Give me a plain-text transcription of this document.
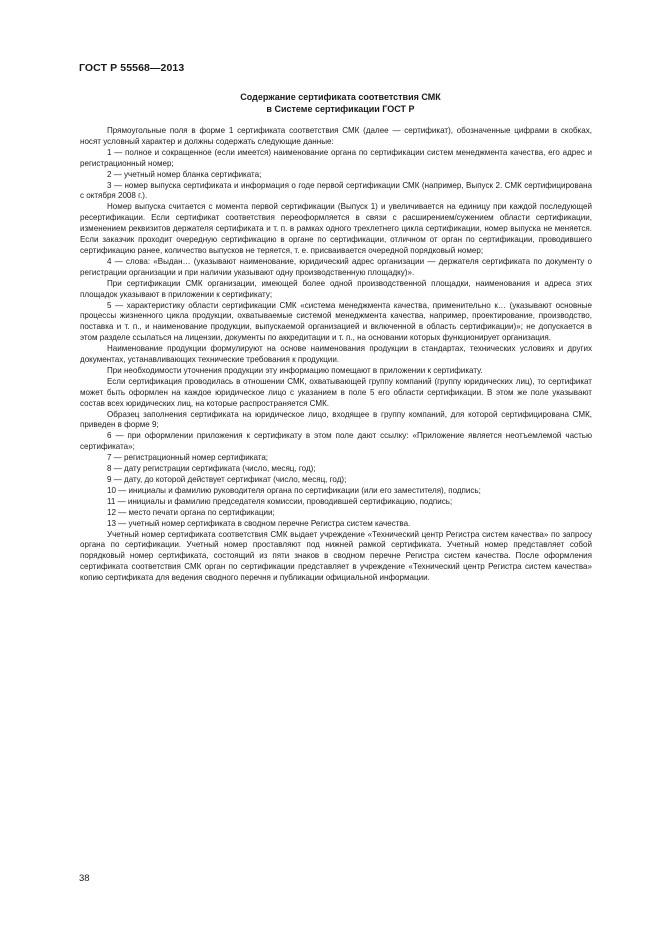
ГОСТ Р 55568—2013
Содержание сертификата соответствия СМК
в Системе сертификации ГОСТ Р

Прямоугольные поля в форме 1 сертификата соответствия СМК (далее — сертификат), обозначенные цифрами в скобках, носят условный характер и должны содержать следующие данные:

1 — полное и сокращенное (если имеется) наименование органа по сертификации систем менеджмента качества, его адрес и регистрационный номер;

2 — учетный номер бланка сертификата;

3 — номер выпуска сертификата и информация о годе первой сертификации СМК (например, Выпуск 2. СМК сертифицирована с октября 2008 г.).

Номер выпуска считается с момента первой сертификации (Выпуск 1) и увеличивается на единицу при каждой последующей ресертификации. Если сертификат соответствия переоформляется в связи с расширением/сужением области сертификации, изменением реквизитов держателя сертификата и т. п. в рамках одного трехлетнего цикла сертификации, номер выпуска не меняется. Если заказчик проходит очередную сертификацию в органе по сертификации, отличном от орган по сертификации, проводившего сертификацию ранее, количество выпусков не теряется, т. е. присваивается очередной порядковый номер;

4 — слова: «Выдан… (указывают наименование, юридический адрес организации — держателя сертификата по документу о регистрации организации и при наличии указывают одну производственную площадку)».

При сертификации СМК организации, имеющей более одной производственной площадки, наименования и адреса этих площадок указывают в приложении к сертификату;

5 — характеристику области сертификации СМК «система менеджмента качества, применительно к… (указывают основные процессы жизненного цикла продукции, охватываемые системой менеджмента качества, например, проектирование, производство, поставка и т. п., и наименование продукции, выпускаемой организацией и включенной в область сертификации)»; не допускается в этом разделе ссылаться на лицензии, документы по аккредитации и т. п., на основании которых функционирует организация.

Наименование продукции формулируют на основе наименования продукции в стандартах, технических условиях и других документах, устанавливающих технические требования к продукции.

При необходимости уточнения продукции эту информацию помещают в приложении к сертификату.

Если сертификация проводилась в отношении СМК, охватывающей группу компаний (группу юридических лиц), то сертификат может быть оформлен на каждое юридическое лицо с указанием в поле 5 его области сертификации. В этом же поле указывают состав всех юридических лиц, на которые распространяется СМК.

Образец заполнения сертификата на юридическое лицо, входящее в группу компаний, для которой сертифицирована СМК, приведен в форме 9;

6 — при оформлении приложения к сертификату в этом поле дают ссылку: «Приложение является неотъемлемой частью сертификата»;

7 — регистрационный номер сертификата;

8 — дату регистрации сертификата (число, месяц, год);

9 — дату, до которой действует сертификат (число, месяц, год);

10 — инициалы и фамилию руководителя органа по сертификации (или его заместителя), подпись;

11 — инициалы и фамилию председателя комиссии, проводившей сертификацию, подпись;

12 — место печати органа по сертификации;

13 — учетный номер сертификата в сводном перечне Регистра систем качества.

Учетный номер сертификата соответствия СМК выдает учреждение «Технический центр Регистра систем качества» по запросу органа по сертификации. Учетный номер проставляют под нижней рамкой сертификата. Учетный номер представляет собой порядковый номер сертификата, состоящий из пяти знаков в сводном перечне Регистра систем качества. После оформления сертификата соответствия СМК орган по сертификации представляет в учреждение «Технический центр Регистра систем качества» копию сертификата для ведения сводного перечня и публикации официальной информации.

38
